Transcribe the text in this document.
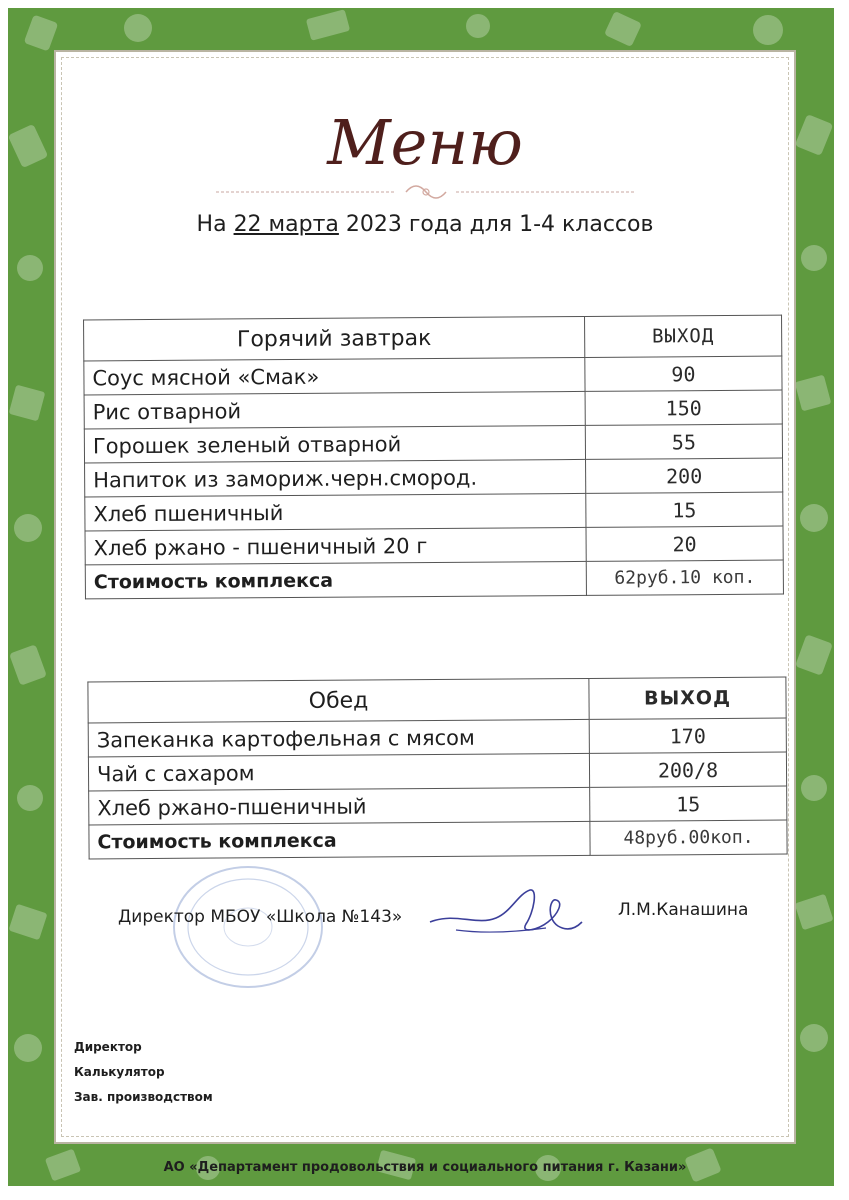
Меню
На 22 марта 2023 года для 1-4 классов
Горячий завтрак	ВЫХОД
Соус мясной «Смак»	90
Рис отварной	150
Горошек зеленый отварной	55
Напиток из замориж.черн.смород.	200
Хлеб пшеничный	15
Хлеб ржано - пшеничный 20 г	20
Стоимость комплекса	62руб.10 коп.
Обед	ВЫХОД
Запеканка картофельная с мясом	170
Чай с сахаром	200/8
Хлеб ржано-пшеничный	15
Стоимость комплекса	48руб.00коп.
Директор МБОУ «Школа №143»	Л.М.Канашина
Директор
Калькулятор
Зав. производством
АО «Департамент продовольствия и социального питания г. Казани»
